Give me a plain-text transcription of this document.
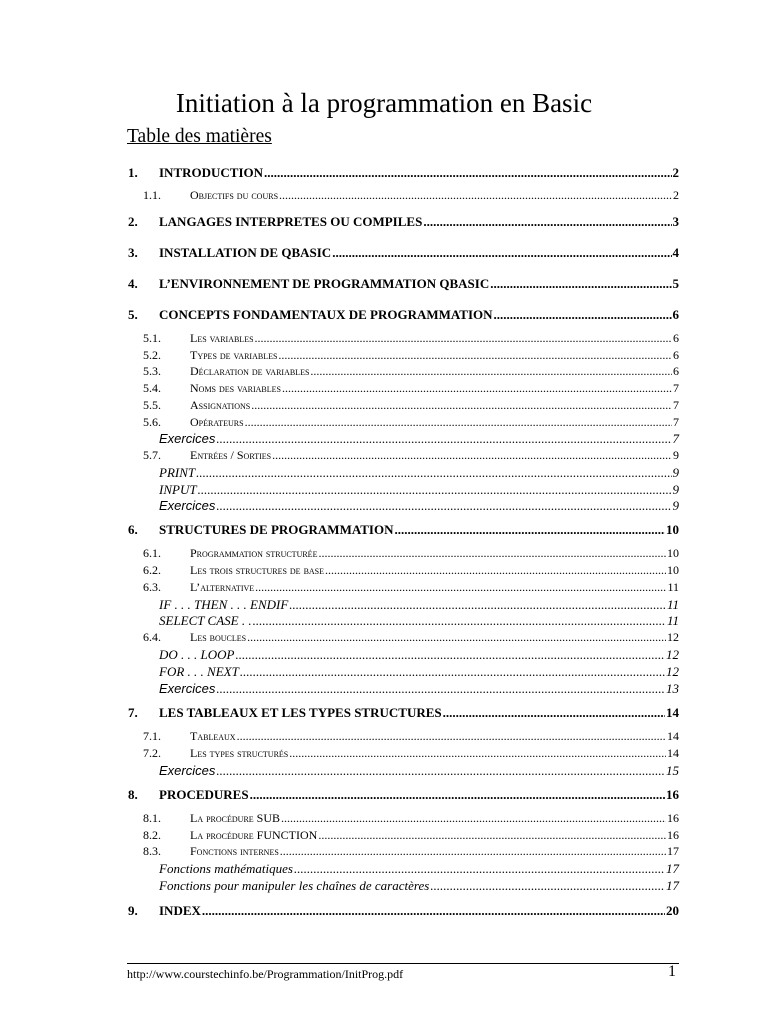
Initiation à la programmation en Basic
Table des matières
1. INTRODUCTION .....	2
1.1. Objectifs du cours .....	2
2. LANGAGES INTERPRETES OU COMPILES .....	3
3. INSTALLATION DE QBASIC .....	4
4. L’ENVIRONNEMENT DE PROGRAMMATION QBASIC .....	5
5. CONCEPTS FONDAMENTAUX DE PROGRAMMATION .....	6
5.1. Les variables .....	6
5.2. Types de variables .....	6
5.3. Déclaration de variables .....	6
5.4. Noms des variables .....	7
5.5. Assignations .....	7
5.6. Opérateurs .....	7
Exercices .....	7
5.7. Entrées / Sorties .....	9
PRINT .....	9
INPUT .....	9
Exercices .....	9
6. STRUCTURES DE PROGRAMMATION .....	10
6.1. Programmation structurée .....	10
6.2. Les trois structures de base .....	10
6.3. L’alternative .....	11
IF . . . THEN . . . ENDIF .....	11
SELECT CASE . . .....	11
6.4. Les boucles .....	12
DO . . . LOOP .....	12
FOR . . . NEXT .....	12
Exercices .....	13
7. LES TABLEAUX ET LES TYPES STRUCTURES .....	14
7.1. Tableaux .....	14
7.2. Les types structurés .....	14
Exercices .....	15
8. PROCEDURES .....	16
8.1. La procédure SUB .....	16
8.2. La procédure FUNCTION .....	16
8.3. Fonctions internes .....	17
Fonctions mathématiques .....	17
Fonctions pour manipuler les chaînes de caractères .....	17
9. INDEX .....	20
http://www.courstechinfo.be/Programmation/InitProg.pdf	1
